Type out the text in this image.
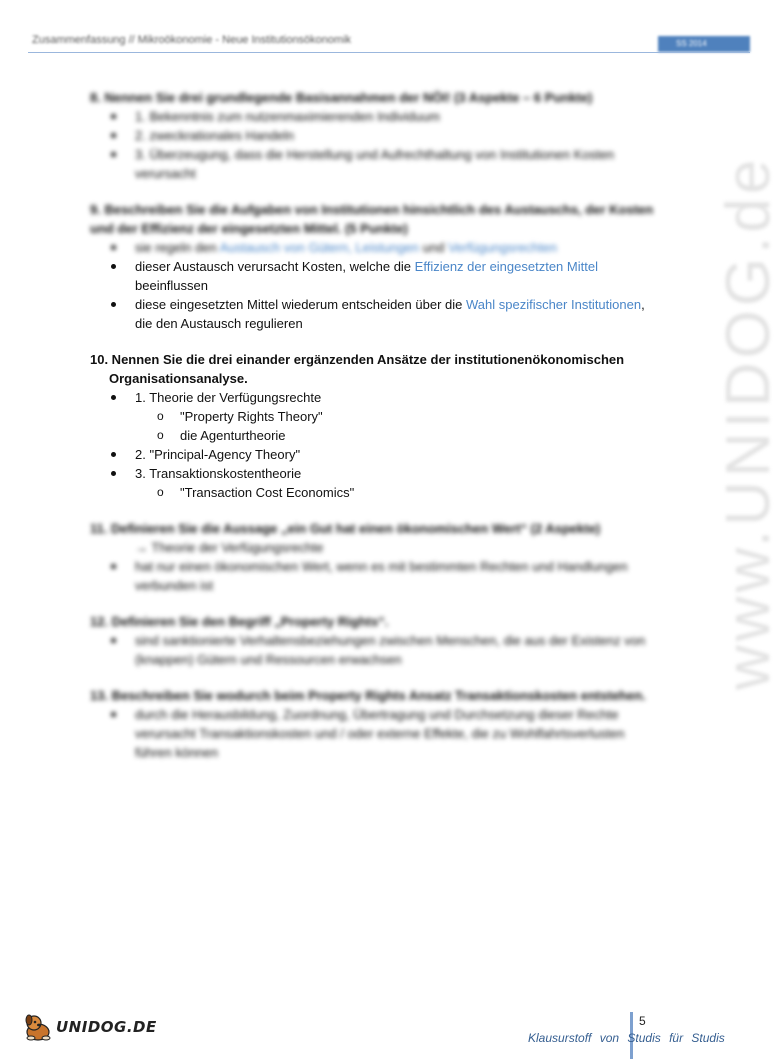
Zusammenfassung // Mikroökonomie - Neue Institutionsökonomik	SS 2014
www.UNIDOG.de

8. Nennen Sie drei grundlegende Basisannahmen der NÖI! (3 Aspekte – 6 Punkte)

1. Bekenntnis zum nutzenmaximierenden Individuum
2. zweckrationales Handeln
3. Überzeugung, dass die Herstellung und Aufrechthaltung von Institutionen Kosten verursacht

9. Beschreiben Sie die Aufgaben von Institutionen hinsichtlich des Austauschs, der Kosten und der Effizienz der eingesetzten Mittel. (5 Punkte)

sie regeln den Austausch von Gütern, Leistungen und Verfügungsrechten
dieser Austausch verursacht Kosten, welche die Effizienz der eingesetzten Mittel beeinflussen
diese eingesetzten Mittel wiederum entscheiden über die Wahl spezifischer Institutionen, die den Austausch regulieren
10. Nennen Sie die drei einander ergänzenden Ansätze der institutionenökonomischen
Organisationsanalyse.
1. Theorie der Verfügungsrechte
o "Property Rights Theory"
o die Agenturtheorie
2. "Principal-Agency Theory"
3. Transaktionskostentheorie
o "Transaction Cost Economics"

11. Definieren Sie die Aussage „ein Gut hat einen ökonomischen Wert“ (2 Aspekte)

→ Theorie der Verfügungsrechte
hat nur einen ökonomischen Wert, wenn es mit bestimmten Rechten und Handlungen verbunden ist

12. Definieren Sie den Begriff „Property Rights“.

sind sanktionierte Verhaltensbeziehungen zwischen Menschen, die aus der Existenz von (knappen) Gütern und Ressourcen erwachsen

13. Beschreiben Sie wodurch beim Property Rights Ansatz Transaktionskosten entstehen.

durch die Herausbildung, Zuordnung, Übertragung und Durchsetzung dieser Rechte verursacht Transaktionskosten und / oder externe Effekte, die zu Wohlfahrtsverlusten führen können
UNIDOG.DE	5
Klausurstoff von Studis für Studis
